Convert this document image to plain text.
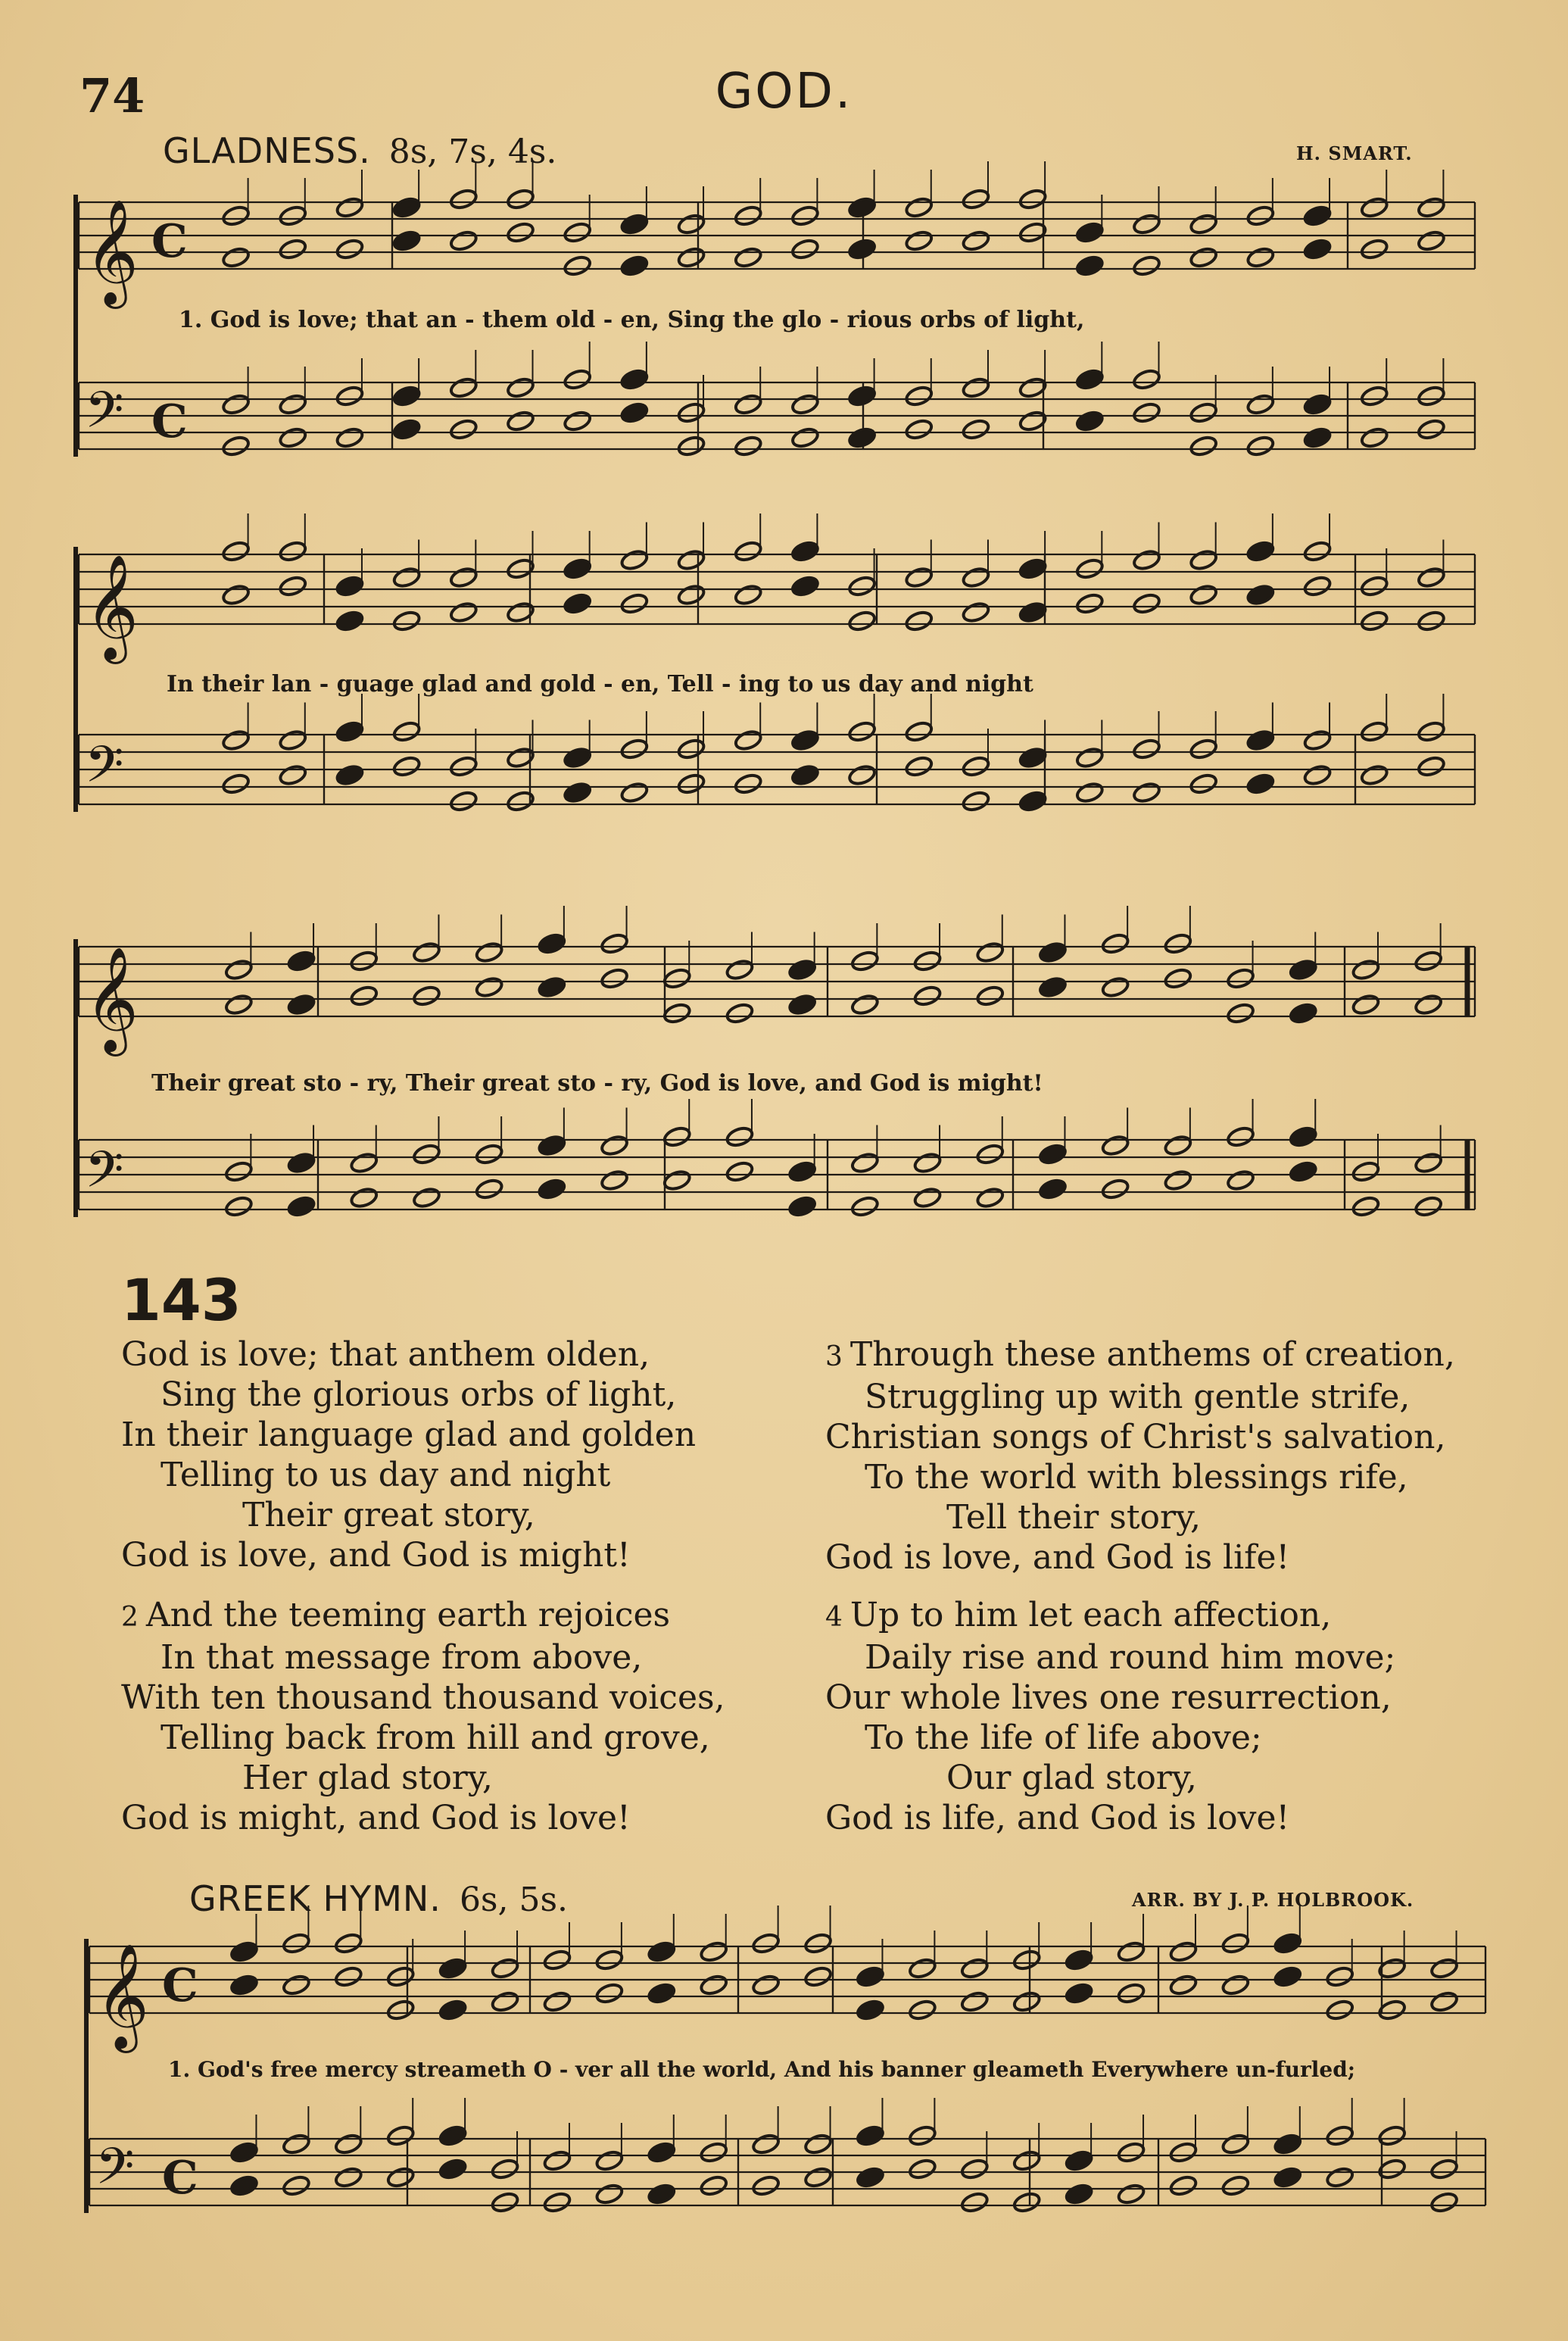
74	GOD.
GLADNESS. 8s, 7s, 4s.	H. SMART.
𝄞
𝄢
C
C
𝄞
𝄢
𝄞
𝄢
𝄞
𝄢
C
C
1. God is love; that an - them old - en, Sing the glo - rious orbs of light,
In their lan - guage glad and gold - en, Tell - ing to us day and night
Their great sto - ry, Their great sto - ry, God is love, and God is might!
143
God is love; that anthem olden,
Sing the glorious orbs of light,
In their language glad and golden
Telling to us day and night
Their great story,
God is love, and God is might!
2 And the teeming earth rejoices
In that message from above,
With ten thousand thousand voices,
Telling back from hill and grove,
Her glad story,
God is might, and God is love!
3 Through these anthems of creation,
Struggling up with gentle strife,
Christian songs of Christ's salvation,
To the world with blessings rife,
Tell their story,
God is love, and God is life!
4 Up to him let each affection,
Daily rise and round him move;
Our whole lives one resurrection,
To the life of life above;
Our glad story,
God is life, and God is love!
GREEK HYMN. 6s, 5s.	ARR. BY J. P. HOLBROOK.
1. God's free mercy streameth O - ver all the world, And his banner gleameth Everywhere un-furled;
